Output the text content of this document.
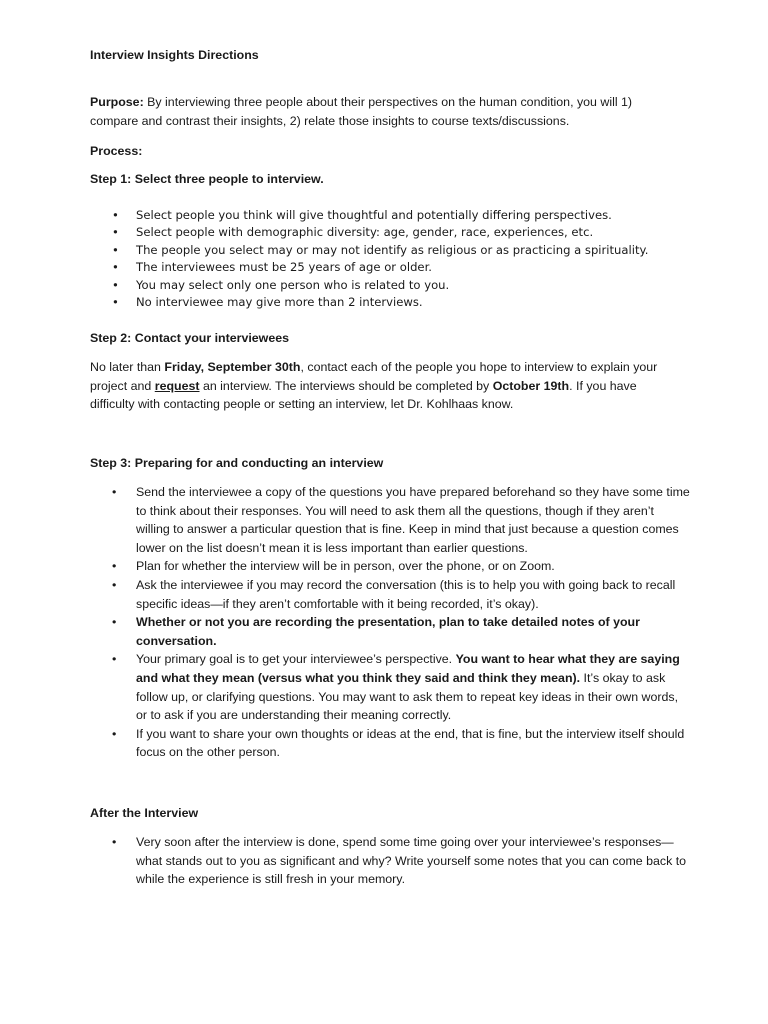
Interview Insights Directions

Purpose: By interviewing three people about their perspectives on the human condition, you will 1) compare and contrast their insights, 2) relate those insights to course texts/discussions.

Process:

Step 1: Select three people to interview.

• Select people you think will give thoughtful and potentially differing perspectives.
• Select people with demographic diversity: age, gender, race, experiences, etc.
• The people you select may or may not identify as religious or as practicing a spirituality.
• The interviewees must be 25 years of age or older.
• You may select only one person who is related to you.
• No interviewee may give more than 2 interviews.

Step 2: Contact your interviewees

No later than Friday, September 30th, contact each of the people you hope to interview to explain your project and request an interview. The interviews should be completed by October 19th. If you have difficulty with contacting people or setting an interview, let Dr. Kohlhaas know.

Step 3: Preparing for and conducting an interview

• Send the interviewee a copy of the questions you have prepared beforehand so they have some time to think about their responses. You will need to ask them all the questions, though if they aren’t willing to answer a particular question that is fine. Keep in mind that just because a question comes lower on the list doesn’t mean it is less important than earlier questions.
• Plan for whether the interview will be in person, over the phone, or on Zoom.
• Ask the interviewee if you may record the conversation (this is to help you with going back to recall specific ideas—if they aren’t comfortable with it being recorded, it’s okay).
• Whether or not you are recording the presentation, plan to take detailed notes of your conversation.
• Your primary goal is to get your interviewee’s perspective. You want to hear what they are saying and what they mean (versus what you think they said and think they mean). It’s okay to ask follow up, or clarifying questions. You may want to ask them to repeat key ideas in their own words, or to ask if you are understanding their meaning correctly.
• If you want to share your own thoughts or ideas at the end, that is fine, but the interview itself should focus on the other person.

After the Interview

• Very soon after the interview is done, spend some time going over your interviewee’s responses—what stands out to you as significant and why? Write yourself some notes that you can come back to while the experience is still fresh in your memory.
